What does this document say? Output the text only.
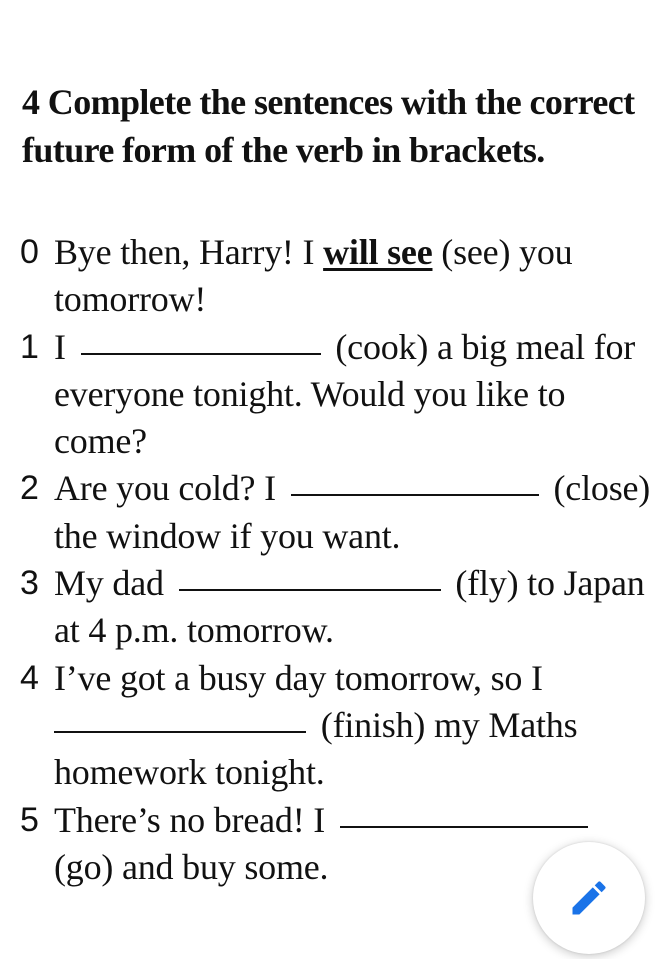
4 Complete the sentences with the correct future form of the verb in brackets.
0 Bye then, Harry! I will see (see) you tomorrow!
1 I	(cook) a big meal for everyone tonight. Would you like to come?
2 Are you cold? I	(close) the window if you want.
3 My dad	(fly) to Japan at 4 p.m. tomorrow.
4 I’ve got a busy day tomorrow, so I  (finish) my Maths homework tonight.
5 There’s no bread! I  (go) and buy some.
